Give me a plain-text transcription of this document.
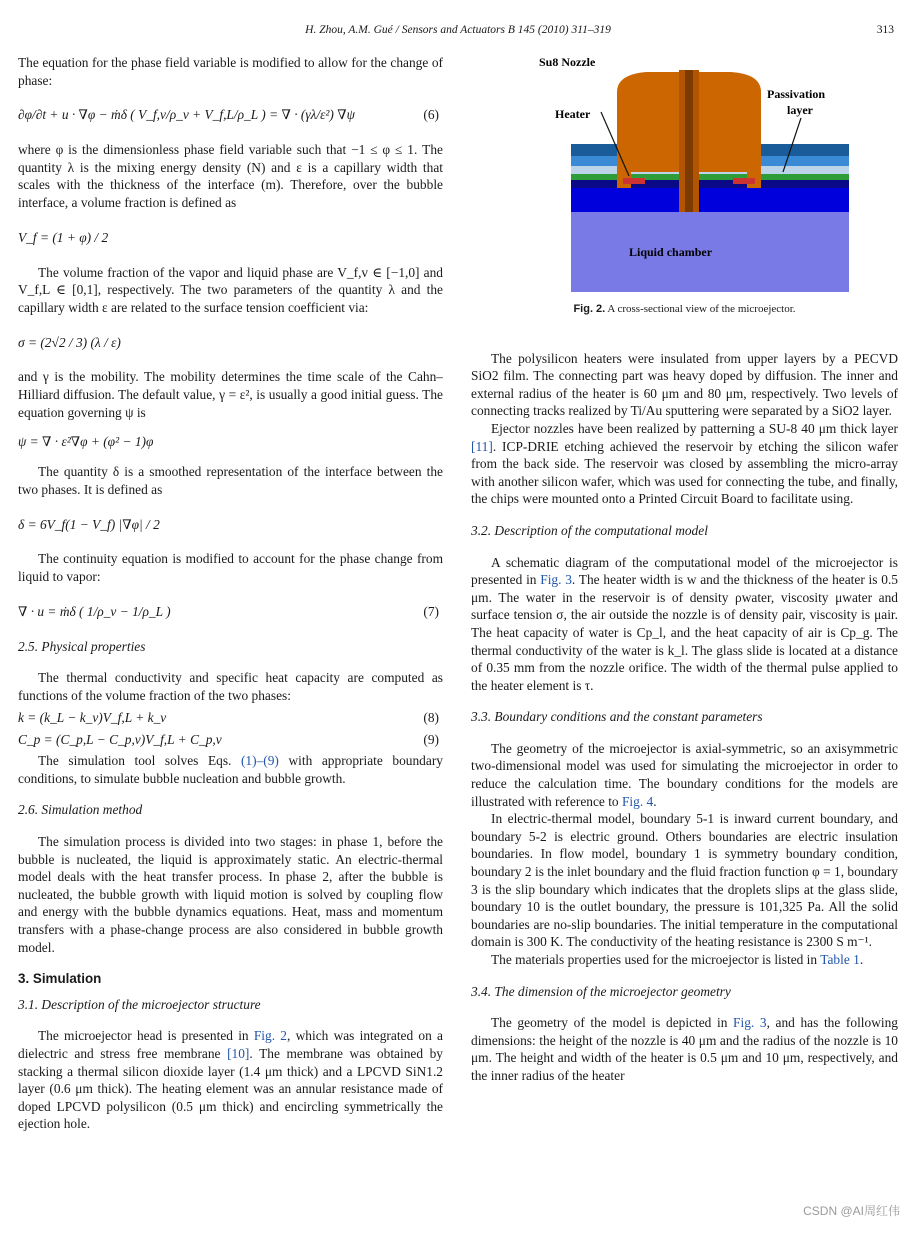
H. Zhou, A.M. Gué / Sensors and Actuators B 145 (2010) 311–319	313

The equation for the phase field variable is modified to allow for the change of phase:

∂φ/∂t + u · ∇φ − ṁδ ( V_f,v/ρ_v + V_f,L/ρ_L ) = ∇ · (γλ/ε²) ∇ψ	(6)

where φ is the dimensionless phase field variable such that −1 ≤ φ ≤ 1. The quantity λ is the mixing energy density (N) and ε is a capillary width that scales with the thickness of the interface (m). Therefore, over the bubble interface, a volume fraction is defined as

V_f = (1 + φ) / 2

The volume fraction of the vapor and liquid phase are V_f,v ∈ [−1,0] and V_f,L ∈ [0,1], respectively. The two parameters of the quantity λ and the capillary width ε are related to the surface tension coefficient via:

σ = (2√2 / 3) (λ / ε)

and γ is the mobility. The mobility determines the time scale of the Cahn–Hilliard diffusion. The default value, γ = ε², is usually a good initial guess. The equation governing ψ is

ψ = ∇ · ε²∇φ + (φ² − 1)φ

The quantity δ is a smoothed representation of the interface between the two phases. It is defined as

δ = 6V_f(1 − V_f) |∇φ| / 2

The continuity equation is modified to account for the phase change from liquid to vapor:

∇ · u = ṁδ ( 1/ρ_v − 1/ρ_L )	(7)

2.5. Physical properties

The thermal conductivity and specific heat capacity are computed as functions of the volume fraction of the two phases:

k = (k_L − k_v)V_f,L + k_v	(8)
C_p = (C_p,L − C_p,v)V_f,L + C_p,v	(9)

The simulation tool solves Eqs. (1)–(9) with appropriate boundary conditions, to simulate bubble nucleation and bubble growth.

2.6. Simulation method

The simulation process is divided into two stages: in phase 1, before the bubble is nucleated, the liquid is approximately static. An electric-thermal model deals with the heat transfer process. In phase 2, after the bubble is nucleated, the bubble growth with liquid motion is solved by coupling flow and energy with the bubble dynamics equations. Heat, mass and momentum transfers with a phase-change process are also considered in bubble growth model.

3. Simulation

3.1. Description of the microejector structure

The microejector head is presented in Fig. 2, which was integrated on a dielectric and stress free membrane [10]. The membrane was obtained by stacking a thermal silicon dioxide layer (1.4 μm thick) and a LPCVD SiN1.2 layer (0.6 μm thick). The heating element was an annular resistance made of doped LPCVD polysilicon (0.5 μm thick) and encircling symmetrically the ejection hole.

Su8 Nozzle
Heater
Passivation
layer
Liquid chamber

Fig. 2. A cross-sectional view of the microejector.

The polysilicon heaters were insulated from upper layers by a PECVD SiO2 film. The connecting part was heavy doped by diffusion. The inner and external radius of the heater is 60 μm and 80 μm, respectively. Two levels of connecting tracks realized by Ti/Au sputtering were separated by a SiO2 layer.

Ejector nozzles have been realized by patterning a SU-8 40 μm thick layer [11]. ICP-DRIE etching achieved the reservoir by etching the silicon wafer from the back side. The reservoir was closed by assembling the micro-array with another silicon wafer, which was used for connecting the tube, and finally, the chips were mounted onto a Printed Circuit Board to facilitate using.

3.2. Description of the computational model

A schematic diagram of the computational model of the microejector is presented in Fig. 3. The heater width is w and the thickness of the heater is 0.5 μm. The water in the reservoir is of density ρwater, viscosity μwater and surface tension σ, the air outside the nozzle is of density ρair, viscosity is μair. The heat capacity of water is Cp_l, and the heat capacity of air is Cp_g. The thermal conductivity of the water is k_l. The glass slide is located at a distance of 0.35 mm from the nozzle orifice. The width of the thermal pulse applied to the heater element is τ.

3.3. Boundary conditions and the constant parameters

The geometry of the microejector is axial-symmetric, so an axisymmetric two-dimensional model was used for simulating the microejector in order to reduce the calculation time. The boundary conditions for the models are illustrated with reference to Fig. 4.

In electric-thermal model, boundary 5-1 is inward current boundary, and boundary 5-2 is electric ground. Others boundaries are electric insulation boundaries. In flow model, boundary 1 is symmetry boundary condition, boundary 2 is the inlet boundary and the fluid fraction function φ = 1, boundary 3 is the slip boundary which indicates that the droplets slips at the glass slide, boundary 10 is the outlet boundary, the pressure is 101,325 Pa. All the solid boundaries are no-slip boundaries. The initial temperature in the computational domain is 300 K. The conductivity of the heating resistance is 2300 S m⁻¹.

The materials properties used for the microejector is listed in Table 1.

3.4. The dimension of the microejector geometry

The geometry of the model is depicted in Fig. 3, and has the following dimensions: the height of the nozzle is 40 μm and the radius of the nozzle is 10 μm. The height and width of the heater is 0.5 μm and 10 μm, respectively, and the inner radius of the heater

CSDN @AI周红伟
